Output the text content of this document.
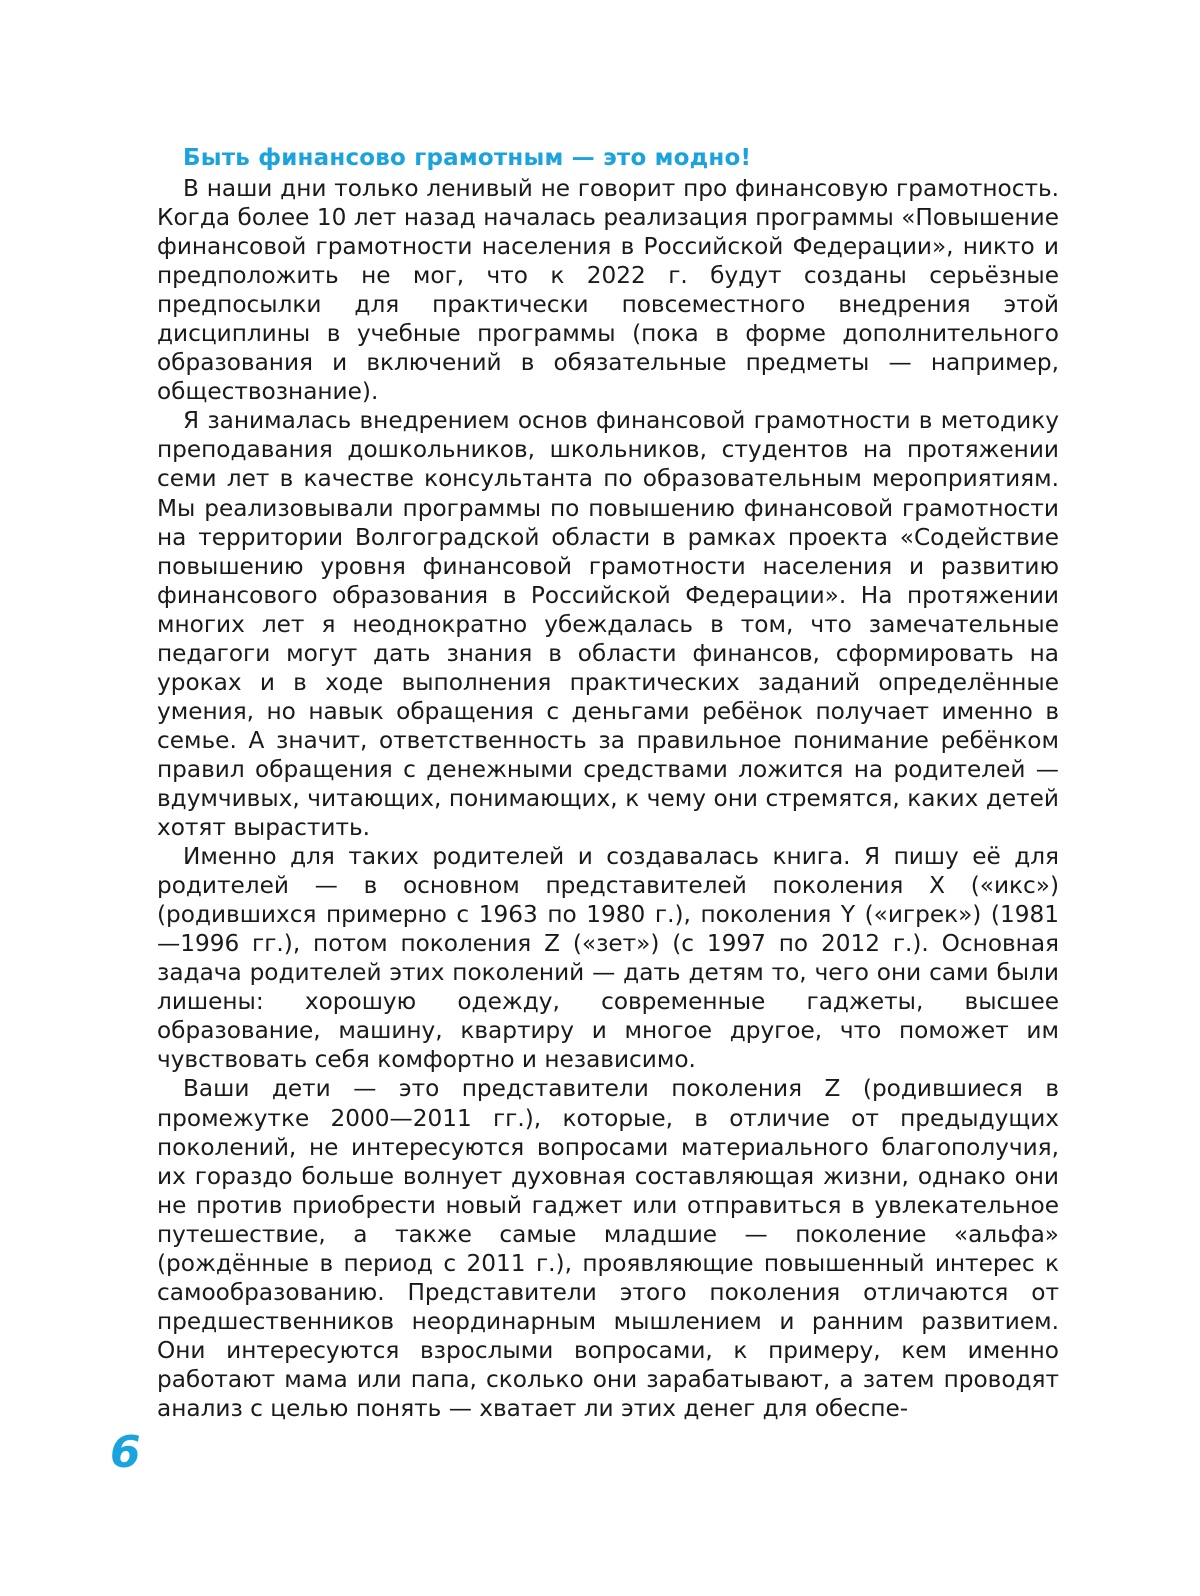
Быть финансово грамотным — это модно!

В наши дни только ленивый не говорит про финансовую грамотность. Когда более 10 лет назад началась реализация программы «Повышение финансовой грамотности населения в Российской Федерации», никто и предположить не мог, что к 2022 г. будут созданы серьёзные предпосылки для практически повсеместного внедрения этой дисциплины в учебные программы (пока в форме дополнительного образования и включений в обязательные предметы — например, обществознание).

Я занималась внедрением основ финансовой грамотности в методику преподавания дошкольников, школьников, студентов на протяжении семи лет в качестве консультанта по образовательным мероприятиям. Мы реализовывали программы по повышению финансовой грамотности на территории Волгоградской области в рамках проекта «Содействие повышению уровня финансовой грамотности населения и развитию финансового образования в Российской Федерации». На протяжении многих лет я неоднократно убеждалась в том, что замечательные педагоги могут дать знания в области финансов, сформировать на уроках и в ходе выполнения практических заданий определённые умения, но навык обращения с деньгами ребёнок получает именно в семье. А значит, ответственность за правильное понимание ребёнком правил обращения с денежными средствами ложится на родителей — вдумчивых, читающих, понимающих, к чему они стремятся, каких детей хотят вырастить.

Именно для таких родителей и создавалась книга. Я пишу её для родителей — в основном представителей поколения X («икс») (родившихся примерно с 1963 по 1980 г.), поколения Y («игрек») (1981—1996 гг.), потом поколения Z («зет») (с 1997 по 2012 г.). Основная задача родителей этих поколений — дать детям то, чего они сами были лишены: хорошую одежду, современные гаджеты, высшее образование, машину, квартиру и многое другое, что поможет им чувствовать себя комфортно и независимо.

Ваши дети — это представители поколения Z (родившиеся в промежутке 2000—2011 гг.), которые, в отличие от предыдущих поколений, не интересуются вопросами материального благополучия, их гораздо больше волнует духовная составляющая жизни, однако они не против приобрести новый гаджет или отправиться в увлекательное путешествие, а также самые младшие — поколение «альфа» (рождённые в период с 2011 г.), проявляющие повышенный интерес к самообразованию. Представители этого поколения отличаются от предшественников неординарным мышлением и ранним развитием. Они интересуются взрослыми вопросами, к примеру, кем именно работают мама или папа, сколько они зарабатывают, а затем проводят анализ с целью понять — хватает ли этих денег для обеспе-

6
